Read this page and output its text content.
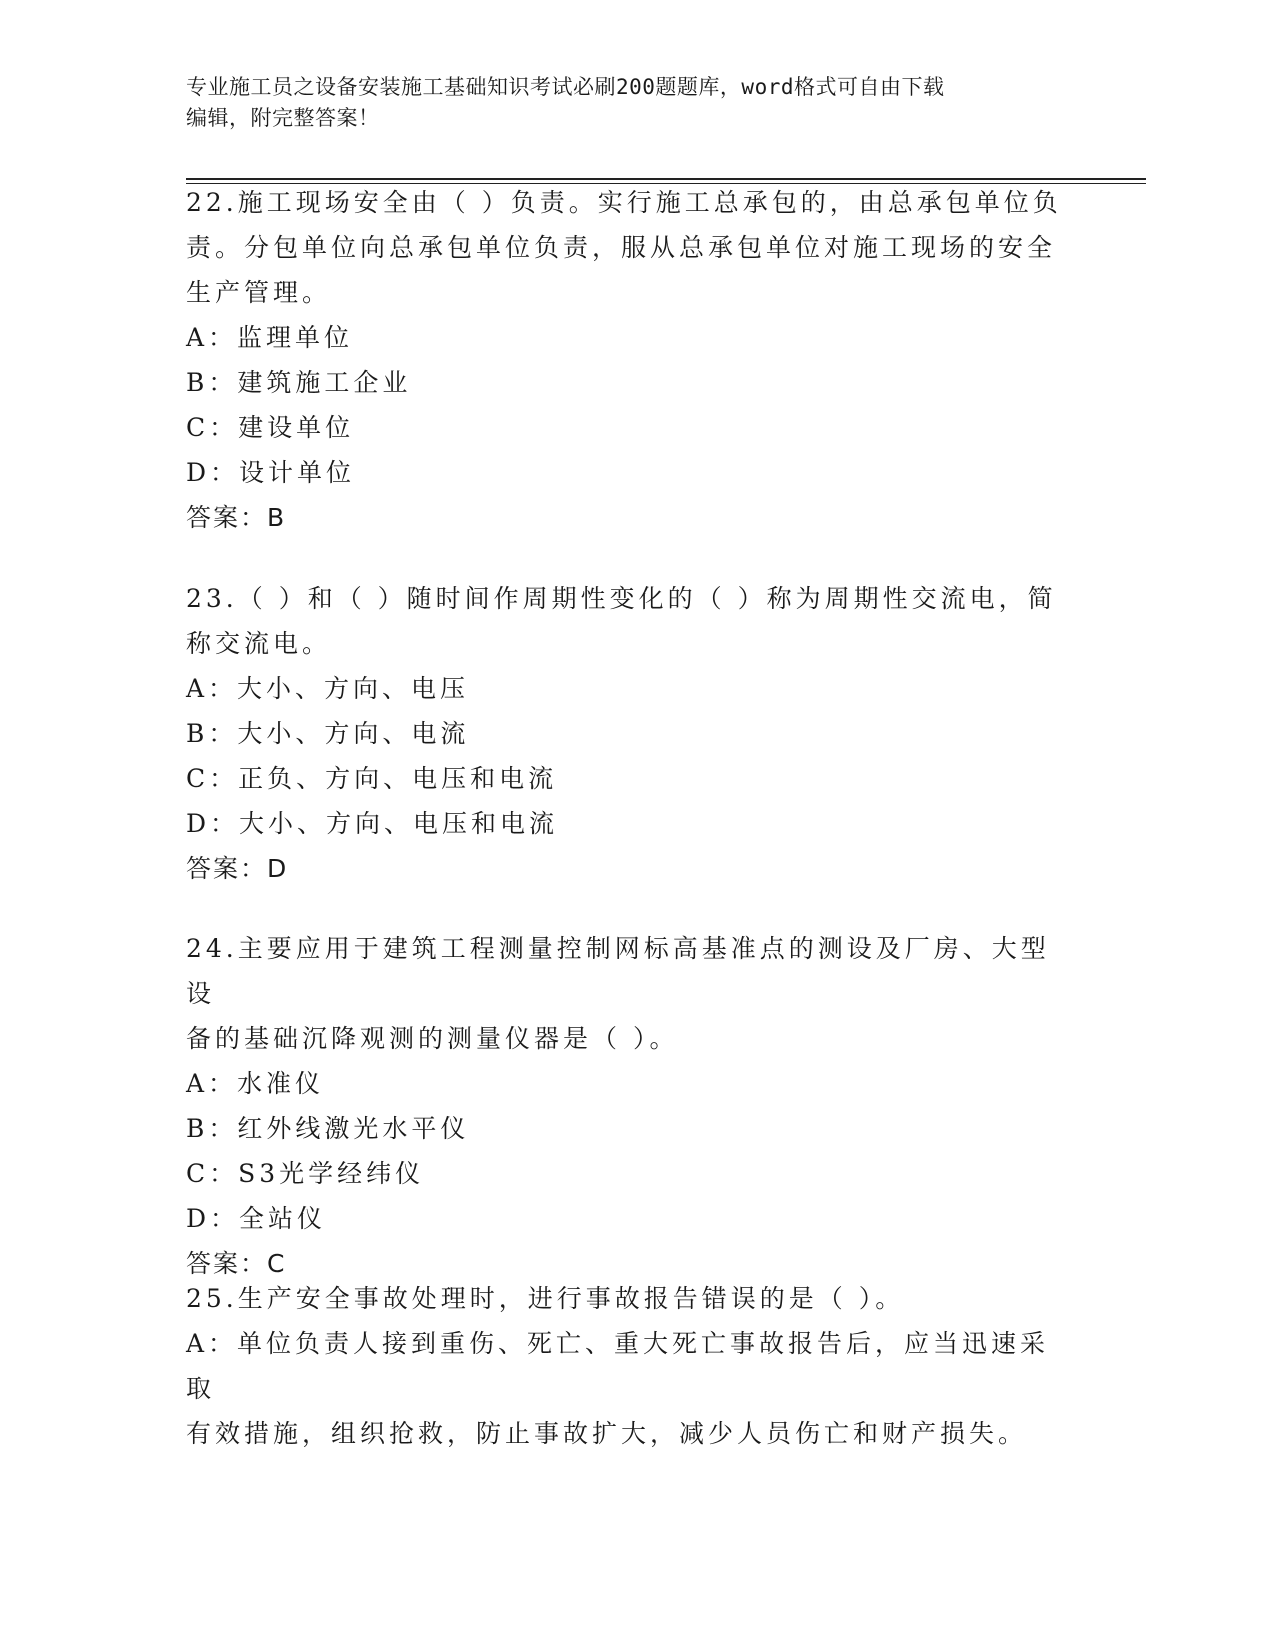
专业施工员之设备安装施工基础知识考试必刷200题题库，word格式可自由下载
编辑，附完整答案！

22.施工现场安全由（ ）负责。实行施工总承包的，由总承包单位负

责。分包单位向总承包单位负责，服从总承包单位对施工现场的安全

生产管理。

A：监理单位

B：建筑施工企业

C：建设单位

D：设计单位

答案：B

23.（ ）和（ ）随时间作周期性变化的（ ）称为周期性交流电，简

称交流电。

A：大小、方向、电压

B：大小、方向、电流

C：正负、方向、电压和电流

D：大小、方向、电压和电流

答案：D

24.主要应用于建筑工程测量控制网标高基准点的测设及厂房、大型设

备的基础沉降观测的测量仪器是（ ）。

A：水准仪

B：红外线激光水平仪

C：S3光学经纬仪

D：全站仪

答案：C

25.生产安全事故处理时，进行事故报告错误的是（ ）。

A：单位负责人接到重伤、死亡、重大死亡事故报告后，应当迅速采取

有效措施，组织抢救，防止事故扩大，减少人员伤亡和财产损失。
